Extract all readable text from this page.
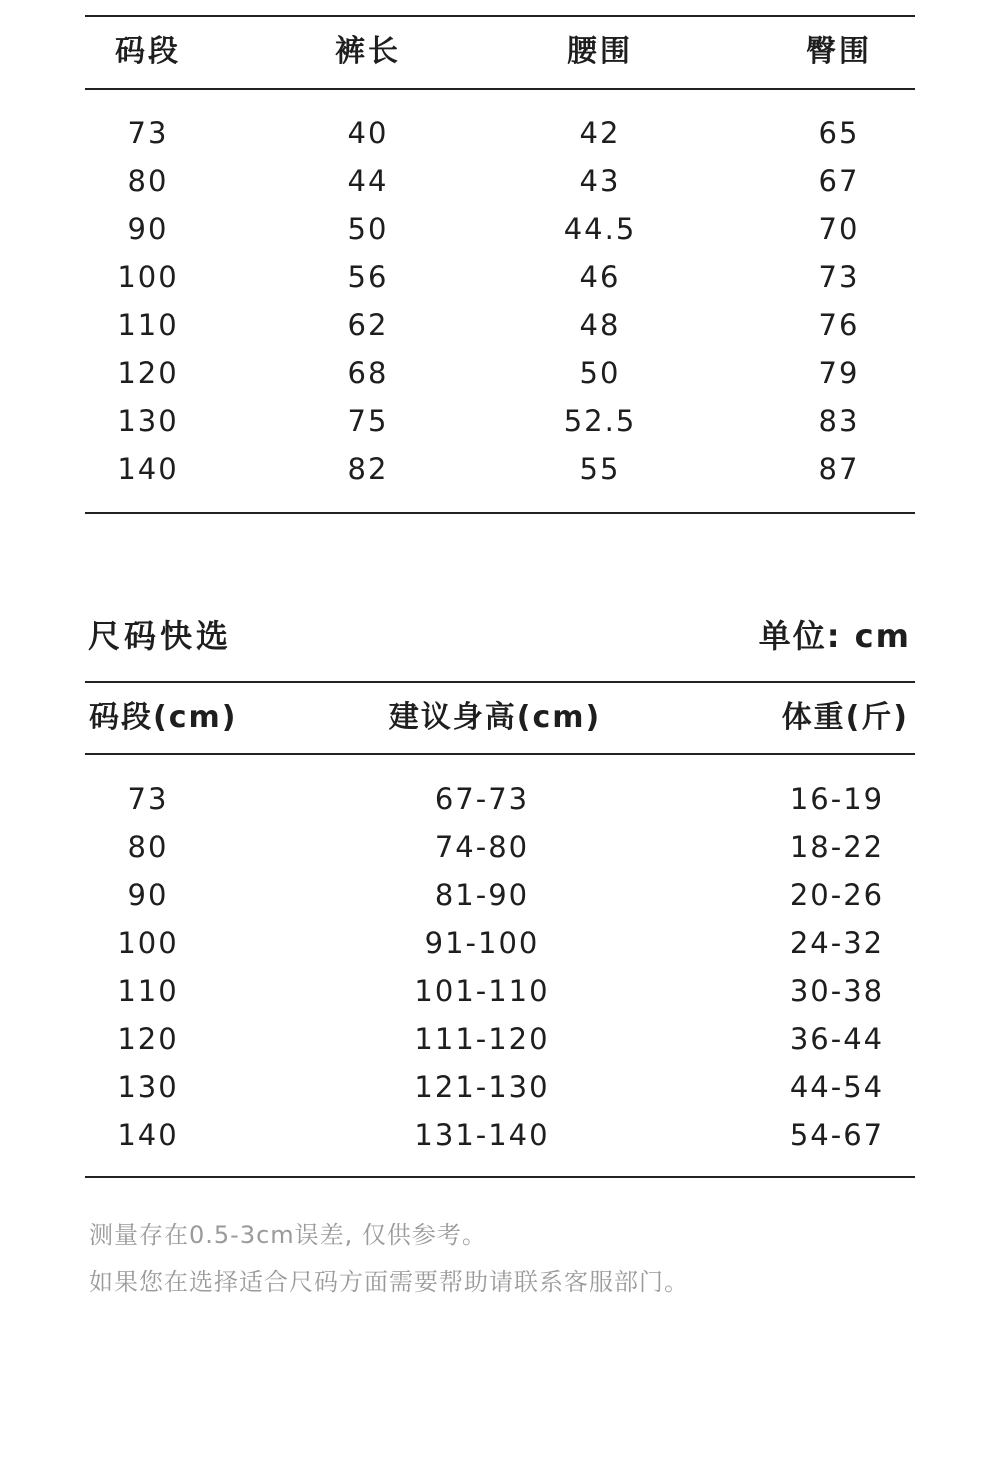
码段	裤长	腰围	臀围
73	40	42	65
80	44	43	67
90	50	44.5	70
100	56	46	73
110	62	48	76
120	68	50	79
130	75	52.5	83
140	82	55	87
尺码快选	单位: cm
码段(cm)	建议身高(cm)	体重(斤)
73	67-73	16-19
80	74-80	18-22
90	81-90	20-26
100	91-100	24-32
110	101-110	30-38
120	111-120	36-44
130	121-130	44-54
140	131-140	54-67
测量存在0.5-3cm误差, 仅供参考。
如果您在选择适合尺码方面需要帮助请联系客服部门。
